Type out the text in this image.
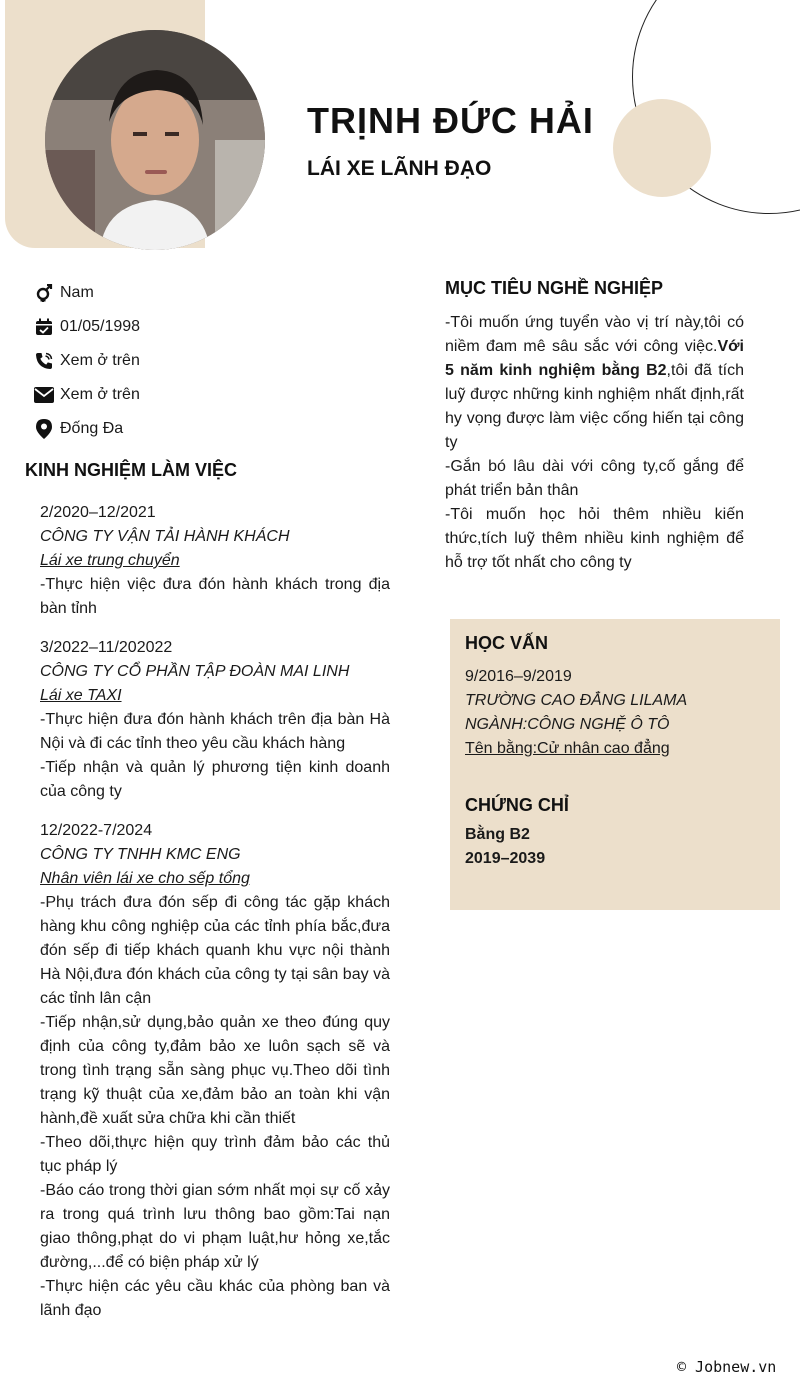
TRỊNH ĐỨC HẢI
LÁI XE LÃNH ĐẠO
Nam
01/05/1998
Xem ở trên
Xem ở trên
Đống Đa
MỤC TIÊU NGHỀ NGHIỆP

-Tôi muốn ứng tuyển vào vị trí này,tôi có niềm đam mê sâu sắc với công việc.Với 5 năm kinh nghiệm bằng B2,tôi đã tích luỹ được những kinh nghiệm nhất định,rất hy vọng được làm việc cống hiến tại công ty

-Gắn bó lâu dài với công ty,cố gắng để phát triển bản thân

-Tôi muốn học hỏi thêm nhiều kiến thức,tích luỹ thêm nhiều kinh nghiệm để hỗ trợ tốt nhất cho công ty

KINH NGHIỆM LÀM VIỆC

2/2020–12/2021

CÔNG TY VẬN TẢI HÀNH KHÁCH

Lái xe trung chuyển

-Thực hiện việc đưa đón hành khách trong địa bàn tỉnh

3/2022–11/202022

CÔNG TY CỔ PHẦN TẬP ĐOÀN MAI LINH

Lái xe TAXI

-Thực hiện đưa đón hành khách trên địa bàn Hà Nội và đi các tỉnh theo yêu cầu khách hàng

-Tiếp nhận và quản lý phương tiện kinh doanh của công ty

12/2022-7/2024

CÔNG TY TNHH KMC ENG

Nhân viên lái xe cho sếp tổng

-Phụ trách đưa đón sếp đi công tác gặp khách hàng khu công nghiệp của các tỉnh phía bắc,đưa đón sếp đi tiếp khách quanh khu vực nội thành Hà Nội,đưa đón khách của công ty tại sân bay và các tỉnh lân cận

-Tiếp nhận,sử dụng,bảo quản xe theo đúng quy định của công ty,đảm bảo xe luôn sạch sẽ và trong tình trạng sẵn sàng phục vụ.Theo dõi tình trạng kỹ thuật của xe,đảm bảo an toàn khi vận hành,đề xuất sửa chữa khi cần thiết

-Theo dõi,thực hiện quy trình đảm bảo các thủ tục pháp lý

-Báo cáo trong thời gian sớm nhất mọi sự cố xảy ra trong quá trình lưu thông bao gồm:Tai nạn giao thông,phạt do vi phạm luật,hư hỏng xe,tắc đường,...để có biện pháp xử lý

-Thực hiện các yêu cầu khác của phòng ban và lãnh đạo

HỌC VẤN

9/2016–9/2019

TRƯỜNG CAO ĐẲNG LILAMA

NGÀNH:CÔNG NGHỆ Ô TÔ

Tên bằng:Cử nhân cao đẳng

CHỨNG CHỈ

Bằng B2

2019–2039

© Jobnew.vn
